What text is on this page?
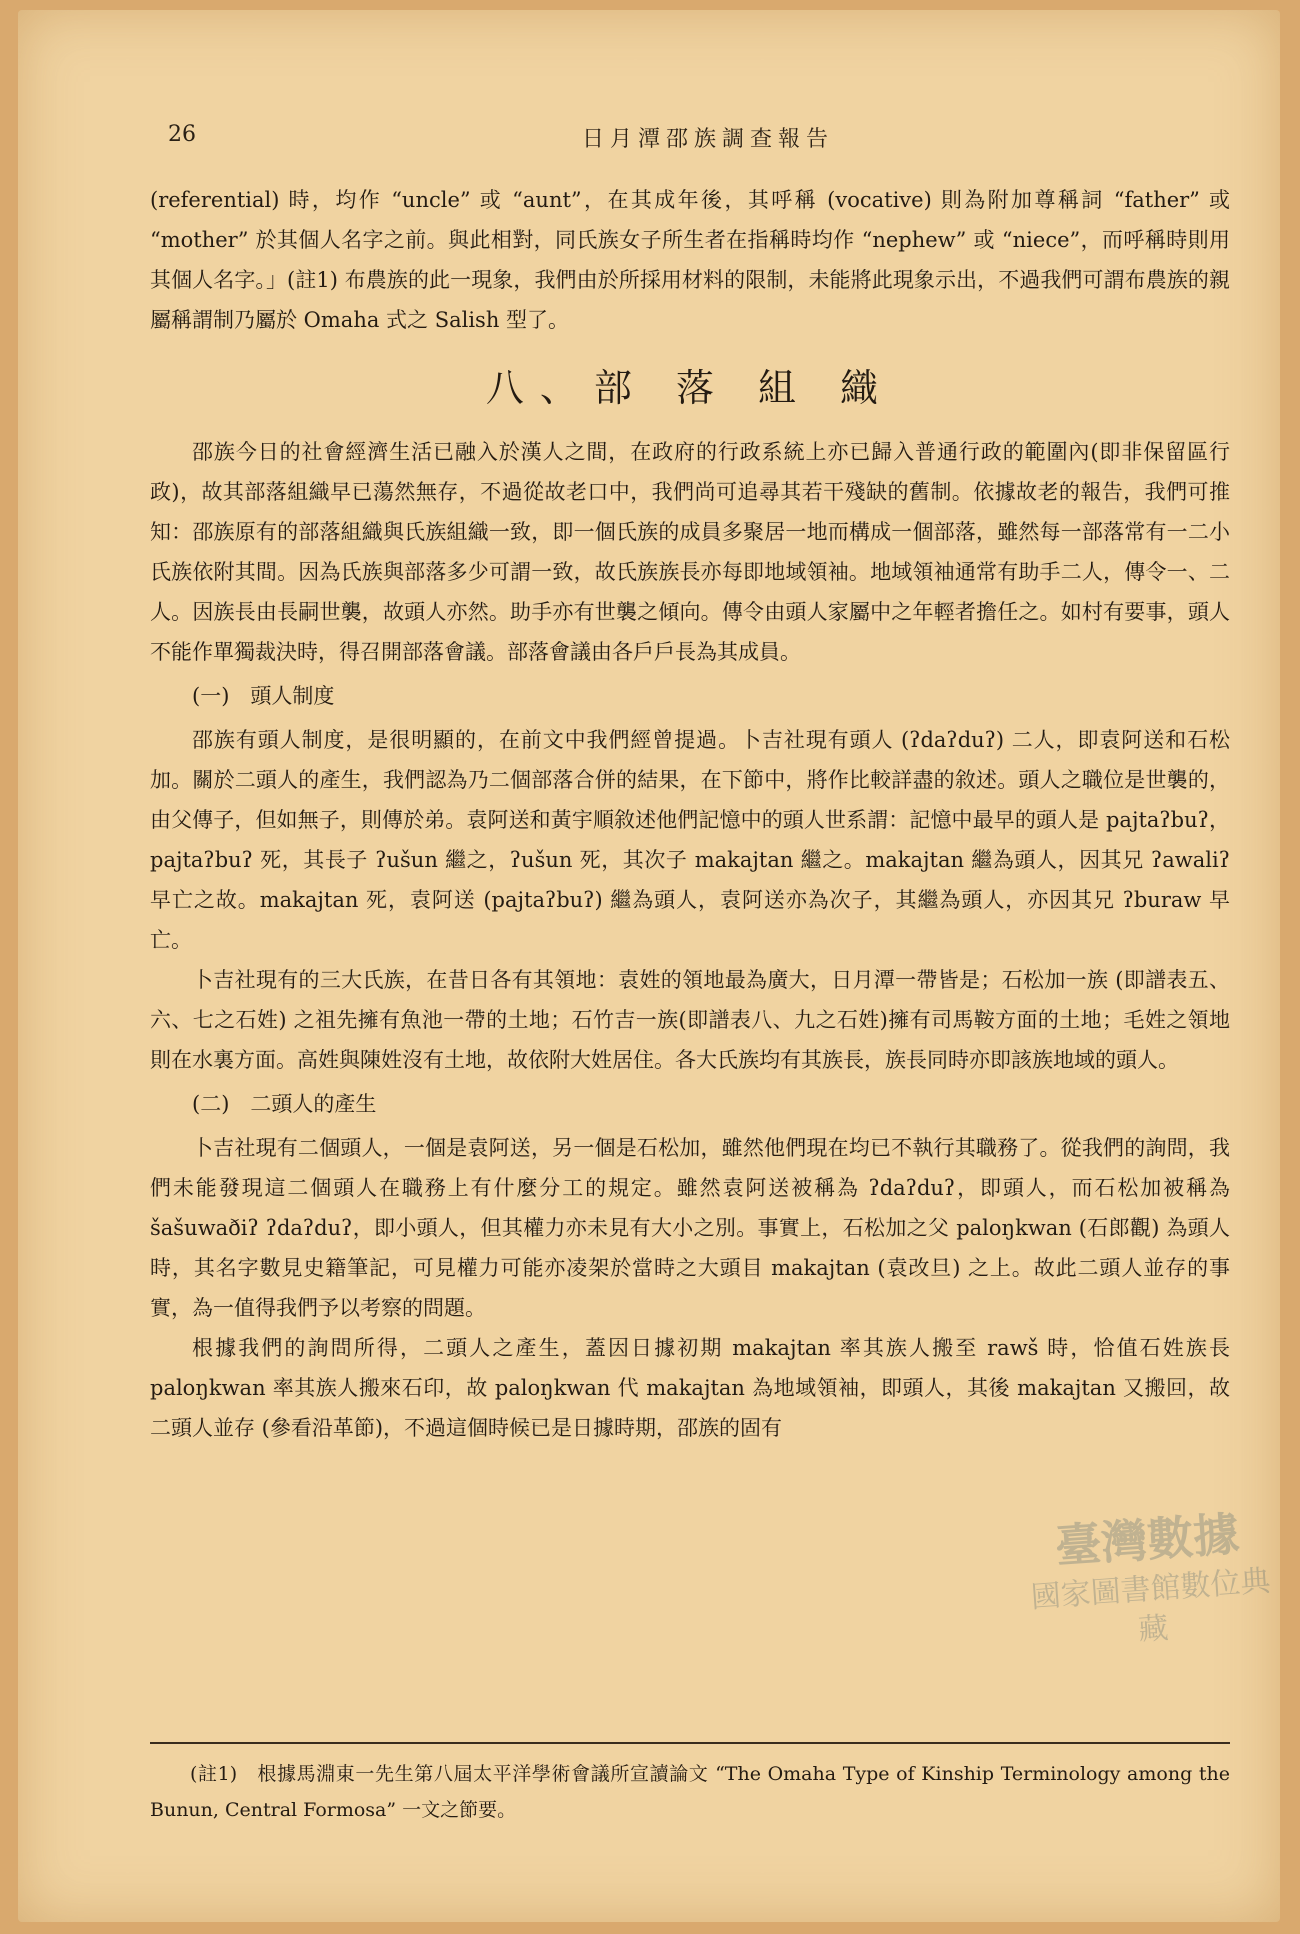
26	日月潭邵族調查報告

(referential) 時，均作 “uncle” 或 “aunt”，在其成年後，其呼稱 (vocative) 則為附加尊稱詞 “father” 或 “mother” 於其個人名字之前。與此相對，同氏族女子所生者在指稱時均作 “nephew” 或 “niece”，而呼稱時則用其個人名字。」(註1) 布農族的此一現象，我們由於所採用材料的限制，未能將此現象示出，不過我們可謂布農族的親屬稱謂制乃屬於 Omaha 式之 Salish 型了。

八、部 落 組 織

邵族今日的社會經濟生活已融入於漢人之間，在政府的行政系統上亦已歸入普通行政的範圍內(即非保留區行政)，故其部落組織早已蕩然無存，不過從故老口中，我們尚可追尋其若干殘缺的舊制。依據故老的報告，我們可推知：邵族原有的部落組織與氏族組織一致，即一個氏族的成員多聚居一地而構成一個部落，雖然每一部落常有一二小氏族依附其間。因為氏族與部落多少可謂一致，故氏族族長亦每即地域領袖。地域領袖通常有助手二人，傳令一、二人。因族長由長嗣世襲，故頭人亦然。助手亦有世襲之傾向。傳令由頭人家屬中之年輕者擔任之。如村有要事，頭人不能作單獨裁決時，得召開部落會議。部落會議由各戶戶長為其成員。

(一)　頭人制度

邵族有頭人制度，是很明顯的，在前文中我們經曾提過。卜吉社現有頭人 (ʔdaʔduʔ) 二人，即袁阿送和石松加。關於二頭人的產生，我們認為乃二個部落合併的結果，在下節中，將作比較詳盡的敘述。頭人之職位是世襲的，由父傳子，但如無子，則傳於弟。袁阿送和黃宇順敘述他們記憶中的頭人世系謂：記憶中最早的頭人是 pajtaʔbuʔ，pajtaʔbuʔ 死，其長子 ʔušun 繼之，ʔušun 死，其次子 makajtan 繼之。makajtan 繼為頭人，因其兄 ʔawaliʔ 早亡之故。makajtan 死，袁阿送 (pajtaʔbuʔ) 繼為頭人，袁阿送亦為次子，其繼為頭人，亦因其兄 ʔburaw 早亡。

卜吉社現有的三大氏族，在昔日各有其領地：袁姓的領地最為廣大，日月潭一帶皆是；石松加一族 (即譜表五、六、七之石姓) 之祖先擁有魚池一帶的土地；石竹吉一族(即譜表八、九之石姓)擁有司馬鞍方面的土地；毛姓之領地則在水裏方面。高姓與陳姓沒有土地，故依附大姓居住。各大氏族均有其族長，族長同時亦即該族地域的頭人。

(二)　二頭人的產生

卜吉社現有二個頭人，一個是袁阿送，另一個是石松加，雖然他們現在均已不執行其職務了。從我們的詢問，我們未能發現這二個頭人在職務上有什麼分工的規定。雖然袁阿送被稱為 ʔdaʔduʔ，即頭人，而石松加被稱為 šašuwaðiʔ ʔdaʔduʔ，即小頭人，但其權力亦未見有大小之別。事實上，石松加之父 paloŋkwan (石郎觀) 為頭人時，其名字數見史籍筆記，可見權力可能亦凌架於當時之大頭目 makajtan (袁改旦) 之上。故此二頭人並存的事實，為一值得我們予以考察的問題。

根據我們的詢問所得，二頭人之產生，蓋因日據初期 makajtan 率其族人搬至 rawš 時，恰值石姓族長 paloŋkwan 率其族人搬來石印，故 paloŋkwan 代 makajtan 為地域領袖，即頭人，其後 makajtan 又搬回，故二頭人並存 (參看沿革節)，不過這個時候已是日據時期，邵族的固有

(註1)　根據馬淵東一先生第八屆太平洋學術會議所宣讀論文 “The Omaha Type of Kinship Terminology among the Bunun, Central Formosa” 一文之節要。
臺灣數據
國家圖書館數位典藏
